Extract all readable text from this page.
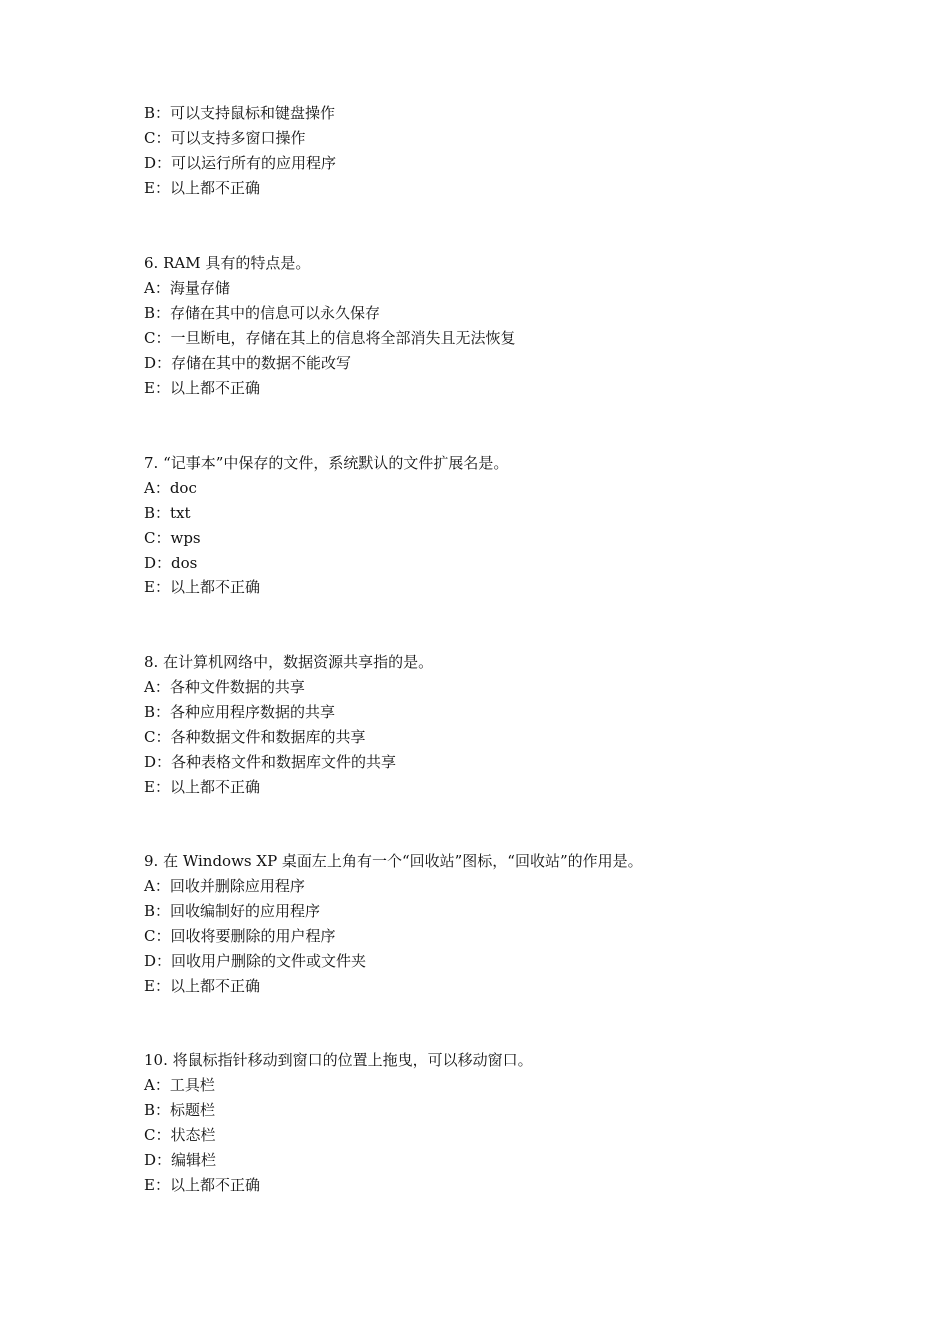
B：可以支持鼠标和键盘操作
C：可以支持多窗口操作
D：可以运行所有的应用程序
E：以上都不正确
6. RAM 具有的特点是。
A：海量存储
B：存储在其中的信息可以永久保存
C：一旦断电，存储在其上的信息将全部消失且无法恢复
D：存储在其中的数据不能改写
E：以上都不正确
7. “记事本”中保存的文件，系统默认的文件扩展名是。
A：doc
B：txt
C：wps
D：dos
E：以上都不正确
8. 在计算机网络中，数据资源共享指的是。
A：各种文件数据的共享
B：各种应用程序数据的共享
C：各种数据文件和数据库的共享
D：各种表格文件和数据库文件的共享
E：以上都不正确
9. 在 Windows XP 桌面左上角有一个“回收站”图标，“回收站”的作用是。
A：回收并删除应用程序
B：回收编制好的应用程序
C：回收将要删除的用户程序
D：回收用户删除的文件或文件夹
E：以上都不正确
10. 将鼠标指针移动到窗口的位置上拖曳，可以移动窗口。
A：工具栏
B：标题栏
C：状态栏
D：编辑栏
E：以上都不正确
